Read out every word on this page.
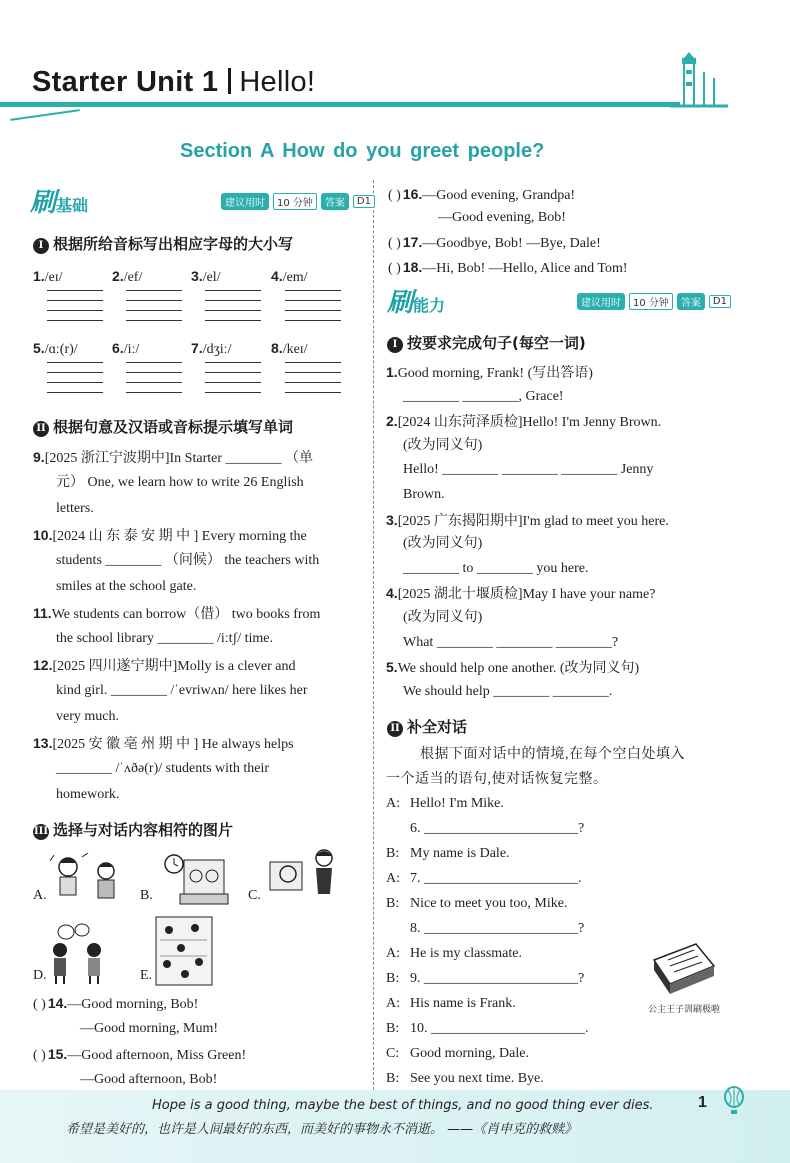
Starter Unit 1 Hello!
Section A How do you greet people?
刷基础	建议用时	10 分钟	答案	D1
I 根据所给音标写出相应字母的大小写
1./eɪ/	2./ef/	3./el/	4./em/
5./ɑː(r)/ 6./iː/	7./dʒiː/	8./keɪ/
II 根据句意及汉语或音标提示填写单词
9.[2025 浙江宁波期中]In Starter ________ （单
元） One, we learn how to write 26 English
letters.
10.[2024 山 东 泰 安 期 中 ] Every morning the
students ________ （问候） the teachers with
smiles at the school gate.
11.We students can borrow（借） two books from
the school library ________ /iːtʃ/ time.
12.[2025 四川遂宁期中]Molly is a clever and
kind girl. ________ /ˈevriwʌn/ here likes her
very much.
13.[2025 安 徽 亳 州 期 中 ] He always helps
________ /ˈʌðə(r)/ students with their
homework.
III 选择与对话内容相符的图片
A.	B.	C.
D.	E.
( ) 14.—Good morning, Bob!
—Good morning, Mum!
( ) 15.—Good afternoon, Miss Green!
—Good afternoon, Bob!
( ) 16.—Good evening, Grandpa!
—Good evening, Bob!
( ) 17.—Goodbye, Bob! —Bye, Dale!
( ) 18.—Hi, Bob! —Hello, Alice and Tom!
刷能力	建议用时	10 分钟	答案	D1
I 按要求完成句子(每空一词)
1.Good morning, Frank! (写出答语)
________ ________, Grace!
2.[2024 山东菏泽质检]Hello! I'm Jenny Brown.
(改为同义句)
Hello! ________ ________ ________ Jenny
Brown.
3.[2025 广东揭阳期中]I'm glad to meet you here.
(改为同义句)
________ to ________ you here.
4.[2025 湖北十堰质检]May I have your name?
(改为同义句)
What ________ ________ ________?
5.We should help one another. (改为同义句)
We should help ________ ________.
II 补全对话
根据下面对话中的情境,在每个空白处填入
一个适当的语句,使对话恢复完整。
A: Hello! I'm Mike.
6. ______________________?
B: My name is Dale.
A: 7. ______________________.
B: Nice to meet you too, Mike.
8. ______________________?
A: He is my classmate.
B: 9. ______________________?
A: His name is Frank.
B: 10. ______________________.
C: Good morning, Dale.
B: See you next time. Bye.
公主王子训刷极啦
Hope is a good thing, maybe the best of things, and no good thing ever dies.
希望是美好的，也许是人间最好的东西，而美好的事物永不消逝。 ——《肖申克的救赎》
1
